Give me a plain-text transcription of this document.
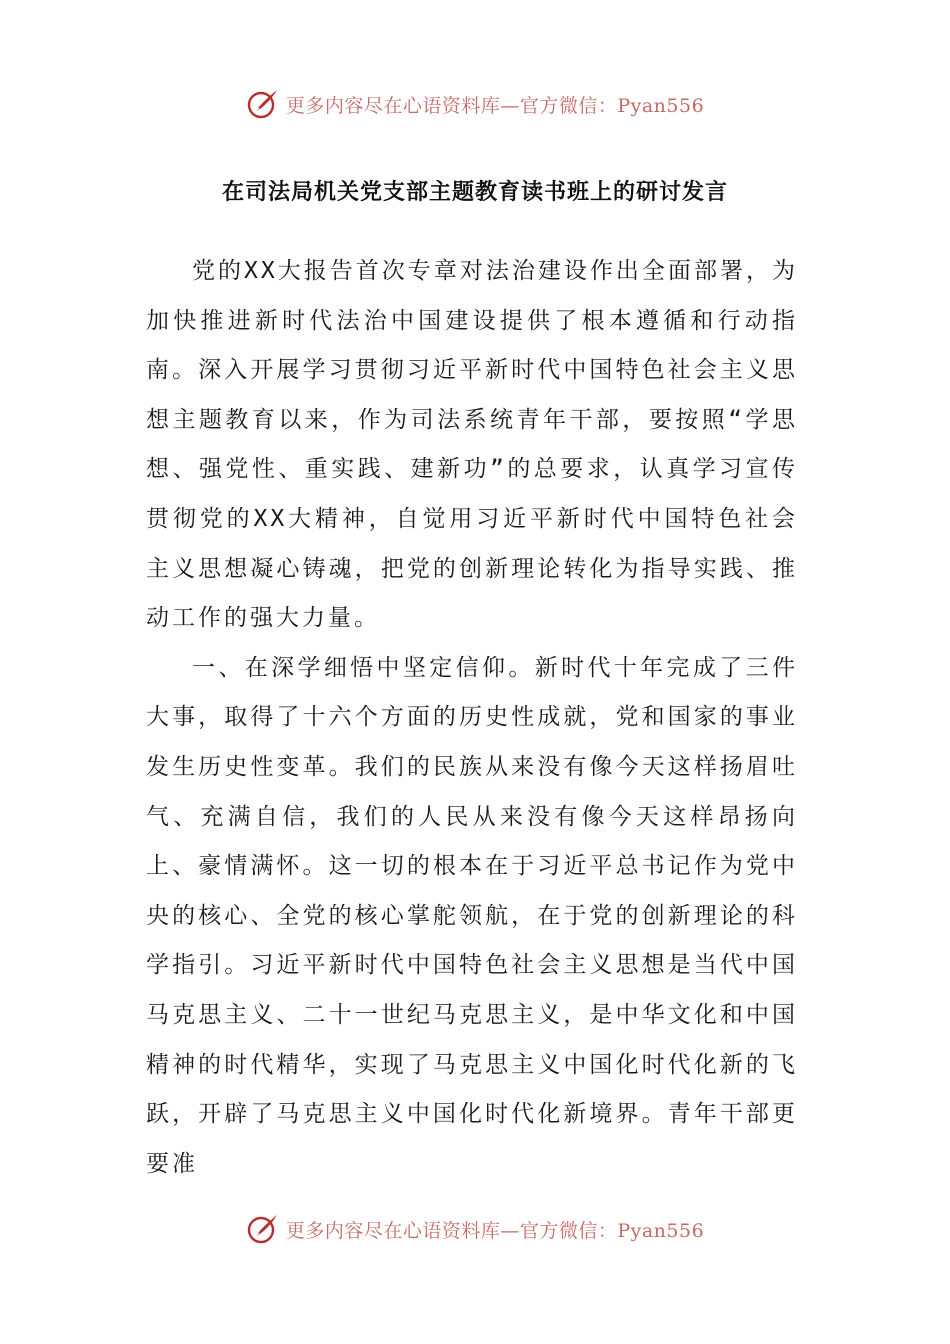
更多内容尽在心语资料库—官方微信：Pyan556
在司法局机关党支部主题教育读书班上的研讨发言

党的XX大报告首次专章对法治建设作出全面部署，为加快推进新时代法治中国建设提供了根本遵循和行动指南。深入开展学习贯彻习近平新时代中国特色社会主义思想主题教育以来，作为司法系统青年干部，要按照“学思想、强党性、重实践、建新功”的总要求，认真学习宣传贯彻党的XX大精神，自觉用习近平新时代中国特色社会主义思想凝心铸魂，把党的创新理论转化为指导实践、推动工作的强大力量。

一、在深学细悟中坚定信仰。新时代十年完成了三件大事，取得了十六个方面的历史性成就，党和国家的事业发生历史性变革。我们的民族从来没有像今天这样扬眉吐气、充满自信，我们的人民从来没有像今天这样昂扬向上、豪情满怀。这一切的根本在于习近平总书记作为党中央的核心、全党的核心掌舵领航，在于党的创新理论的科学指引。习近平新时代中国特色社会主义思想是当代中国马克思主义、二十一世纪马克思主义，是中华文化和中国精神的时代精华，实现了马克思主义中国化时代化新的飞跃，开辟了马克思主义中国化时代化新境界。青年干部更要准

更多内容尽在心语资料库—官方微信：Pyan556
